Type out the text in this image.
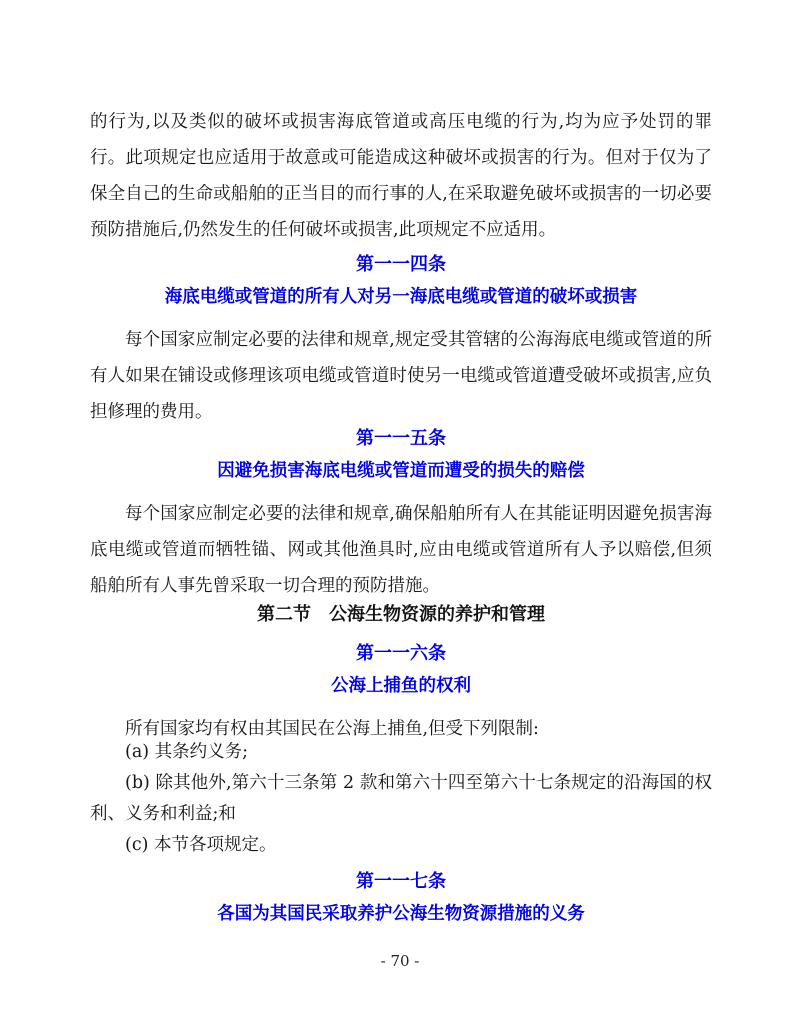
的行为,以及类似的破坏或损害海底管道或高压电缆的行为,均为应予处罚的罪行。此项规定也应适用于故意或可能造成这种破坏或损害的行为。但对于仅为了保全自己的生命或船舶的正当目的而行事的人,在采取避免破坏或损害的一切必要预防措施后,仍然发生的任何破坏或损害,此项规定不应适用。

第一一四条

海底电缆或管道的所有人对另一海底电缆或管道的破坏或损害

每个国家应制定必要的法律和规章,规定受其管辖的公海海底电缆或管道的所有人如果在铺设或修理该项电缆或管道时使另一电缆或管道遭受破坏或损害,应负担修理的费用。

第一一五条

因避免损害海底电缆或管道而遭受的损失的赔偿

每个国家应制定必要的法律和规章,确保船舶所有人在其能证明因避免损害海底电缆或管道而牺牲锚、网或其他渔具时,应由电缆或管道所有人予以赔偿,但须船舶所有人事先曾采取一切合理的预防措施。

第二节　公海生物资源的养护和管理

第一一六条

公海上捕鱼的权利

所有国家均有权由其国民在公海上捕鱼,但受下列限制:

(a) 其条约义务;

(b) 除其他外,第六十三条第 2 款和第六十四至第六十七条规定的沿海国的权利、义务和利益;和

(c) 本节各项规定。

第一一七条

各国为其国民采取养护公海生物资源措施的义务

- 70 -
